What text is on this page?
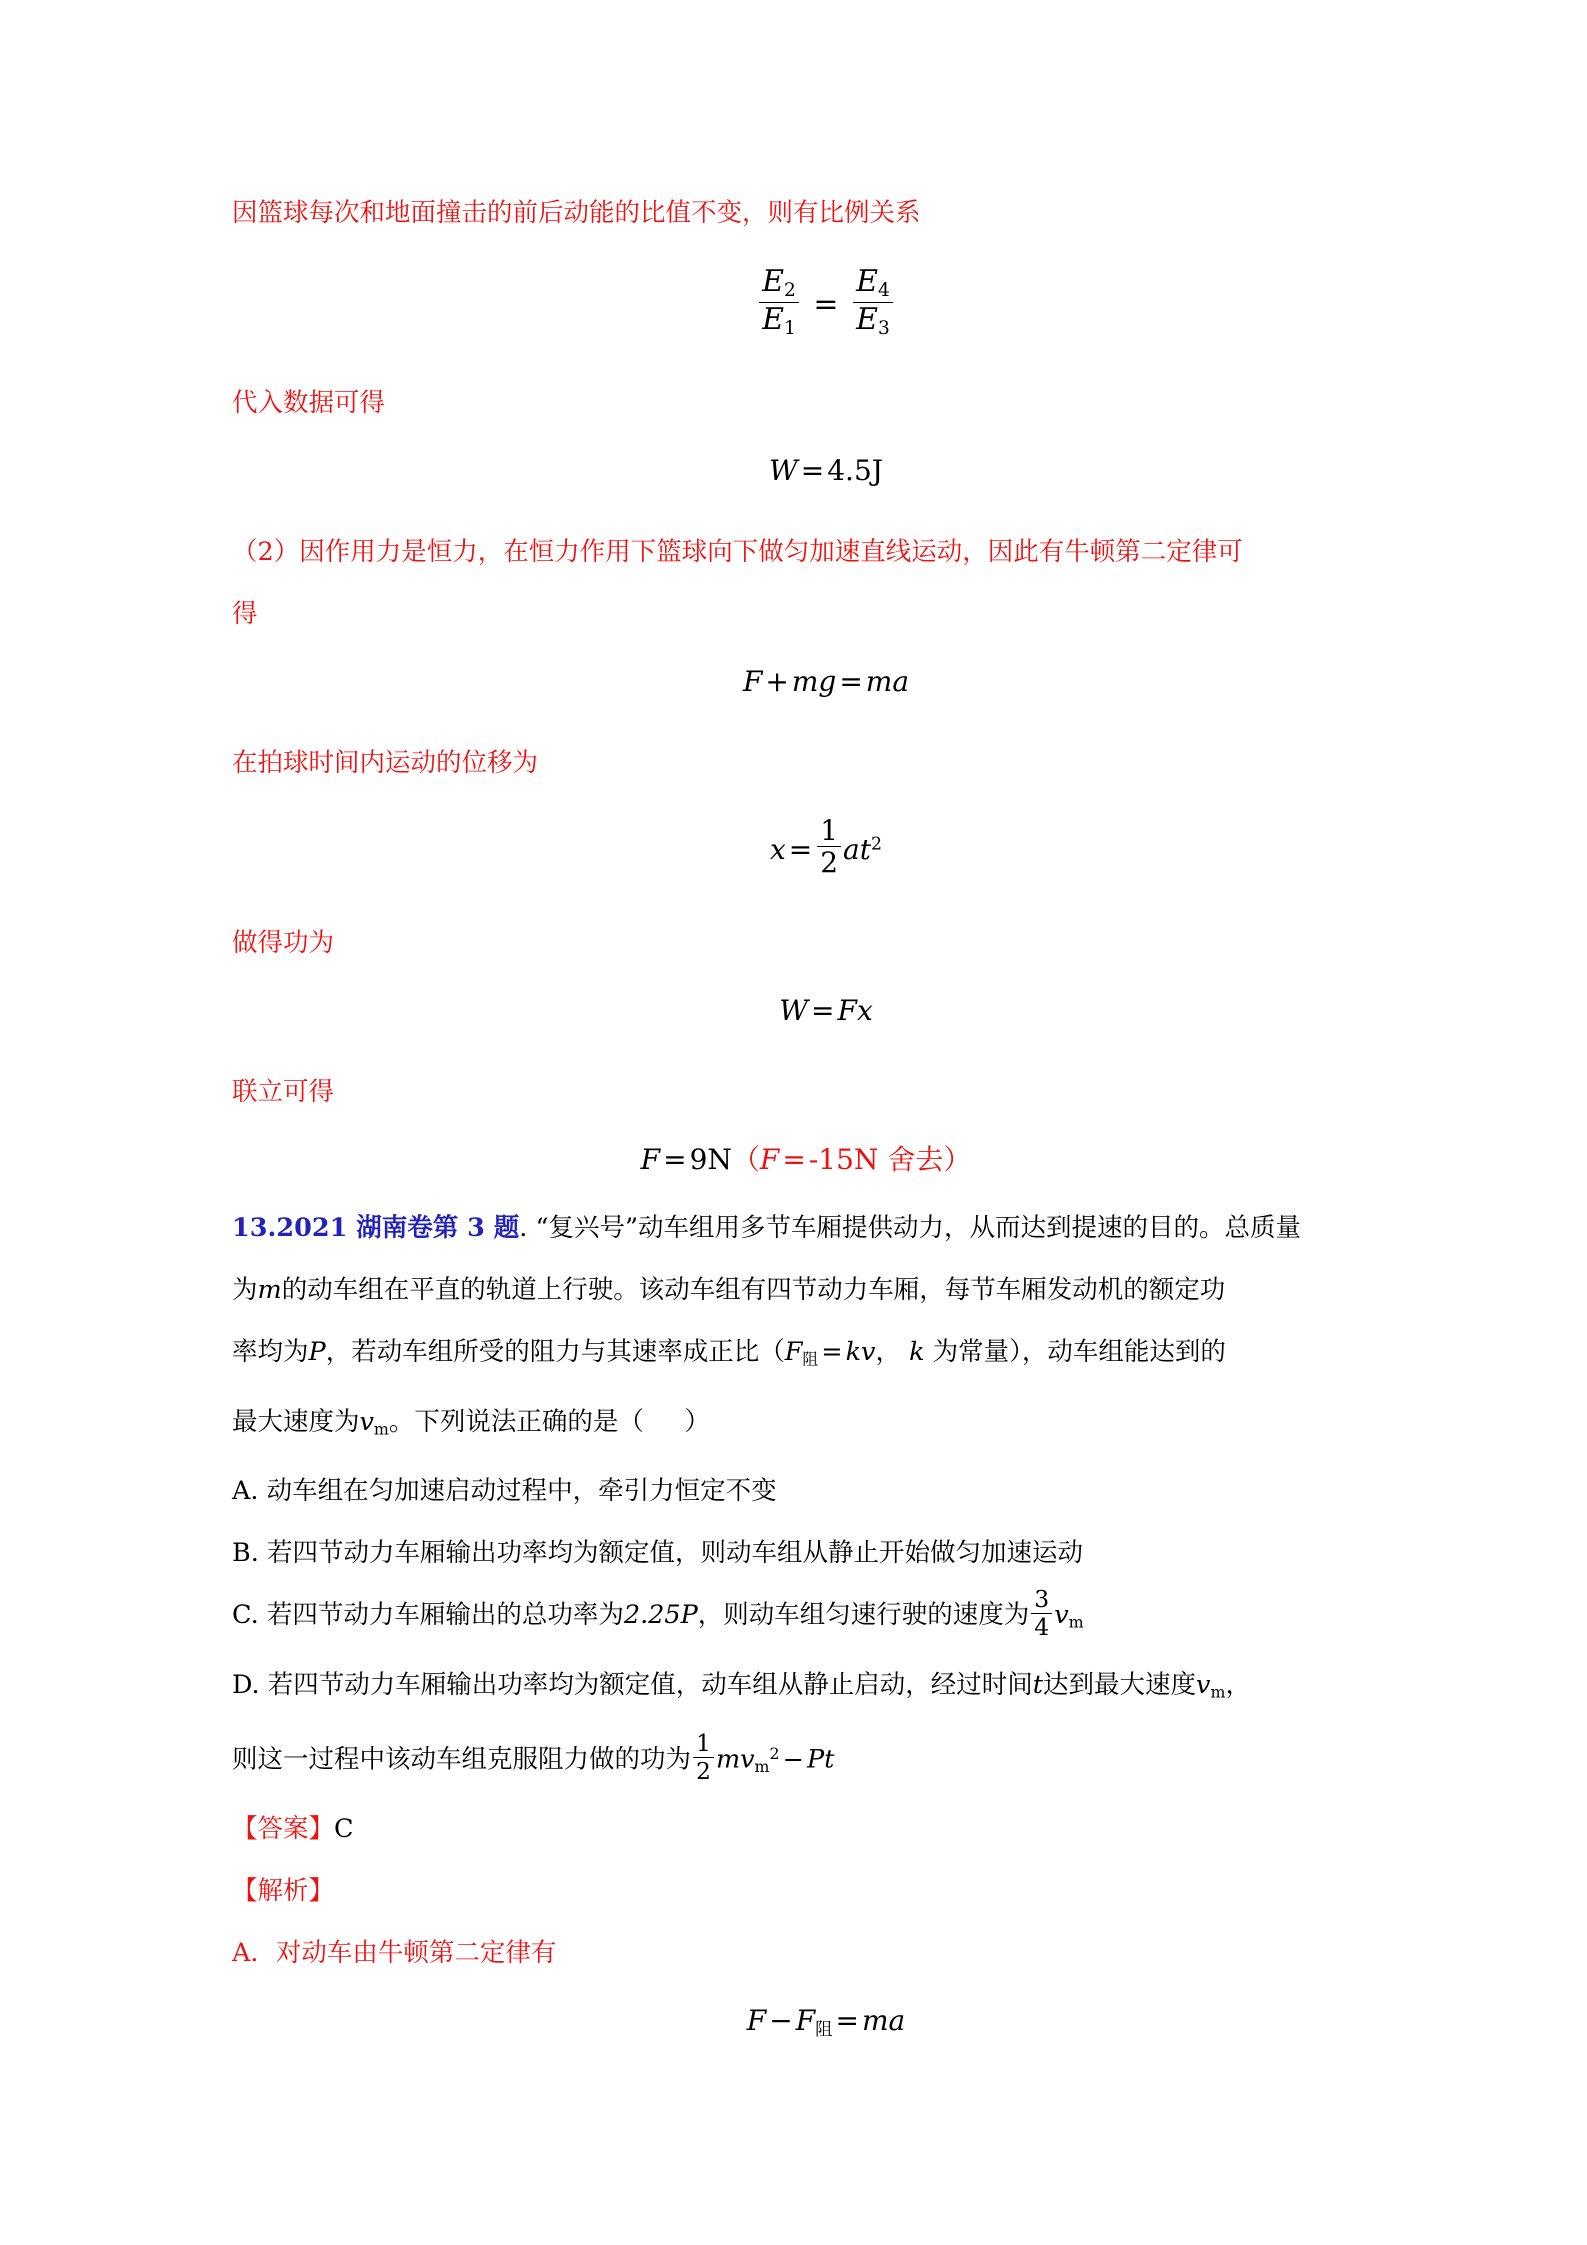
因篮球每次和地面撞击的前后动能的比值不变，则有比例关系
$\frac{E_2}{E_1} = \frac{E_4}{E_3}$
代入数据可得
W = 4.5J
（2）因作用力是恒力，在恒力作用下篮球向下做匀加速直线运动，因此有牛顿第二定律可
得
F + mg = ma
在拍球时间内运动的位移为
$x = \frac{1}{2} at^2$
做得功为
W = Fx
联立可得
F = 9N（F = -15N 舍去）
13.2021 湖南卷第 3 题. “复兴号”动车组用多节车厢提供动力，从而达到提速的目的。总质量
为m的动车组在平直的轨道上行驶。该动车组有四节动力车厢，每节车厢发动机的额定功
率均为P，若动车组所受的阻力与其速率成正比（$F_阻$ = kv， k 为常量），动车组能达到的
最大速度为$v_m$。下列说法正确的是（ ）
A. 动车组在匀加速启动过程中，牵引力恒定不变
B. 若四节动力车厢输出功率均为额定值，则动车组从静止开始做匀加速运动
C. 若四节动力车厢输出的总功率为2.25P，则动车组匀速行驶的速度为 $\frac{3}{4} v_m$
D. 若四节动力车厢输出功率均为额定值，动车组从静止启动，经过时间t达到最大速度$v_m$，
则这一过程中该动车组克服阻力做的功为 $\frac{1}{2} mv_m^2 - Pt$
【答案】C
【解析】
A．对动车由牛顿第二定律有
$F - F_阻$ = ma
